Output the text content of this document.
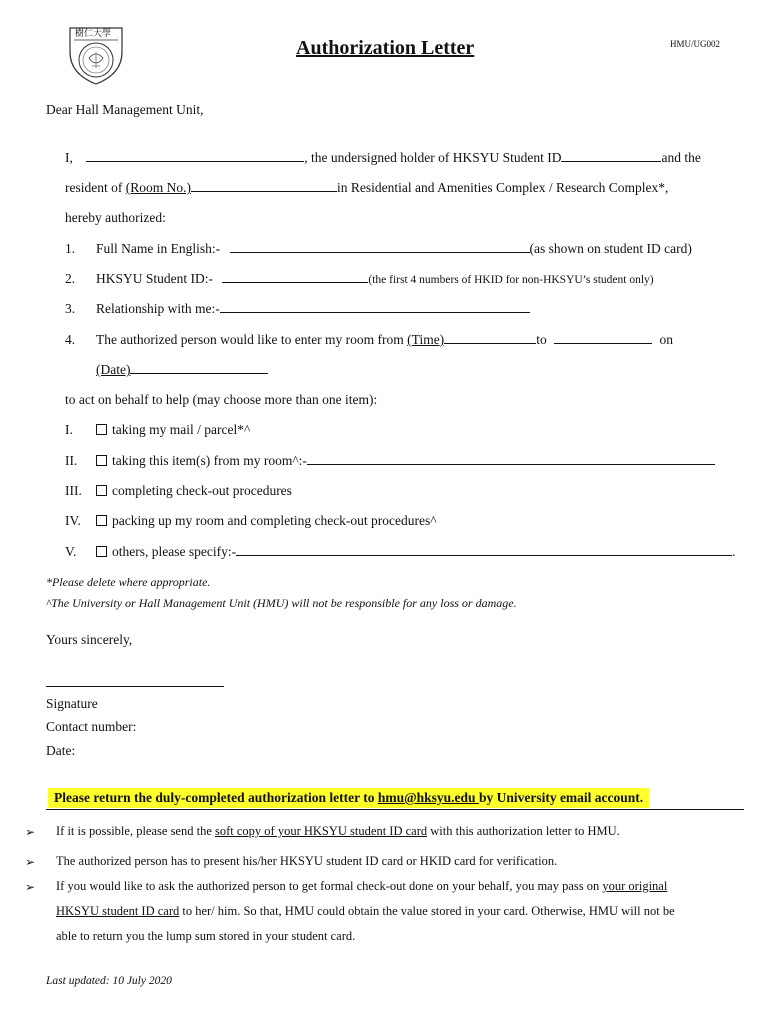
樹仁大學
Authorization Letter	HMU/UG002
Dear Hall Management Unit,
I,	, the undersigned holder of HKSYU Student ID	and the
resident of (Room No.)	in Residential and Amenities Complex / Research Complex*,
hereby authorized:
1. Full Name in English:-	(as shown on student ID card)
2. HKSYU Student ID:-	(the first 4 numbers of HKID for non-HKSYU’s student only)
3. Relationship with me:-
4. The authorized person would like to enter my room from (Time)	to	on
(Date)
to act on behalf to help (may choose more than one item):
I.	taking my mail / parcel*^
II.	taking this item(s) from my room^:-
III. completing check-out procedures
IV. packing up my room and completing check-out procedures^
V.	others, please specify:-	.
*Please delete where appropriate.
^The University or Hall Management Unit (HMU) will not be responsible for any loss or damage.
Yours sincerely,
Signature
Contact number:
Date:
Please return the duly-completed authorization letter to hmu@hksyu.edu by University email account.
➢ If it is possible, please send the soft copy of your HKSYU student ID card with this authorization letter to HMU.
➢ The authorized person has to present his/her HKSYU student ID card or HKID card for verification.
➢ If you would like to ask the authorized person to get formal check-out done on your behalf, you may pass on your original
HKSYU student ID card to her/ him. So that, HMU could obtain the value stored in your card. Otherwise, HMU will not be
able to return you the lump sum stored in your student card.
Last updated: 10 July 2020
